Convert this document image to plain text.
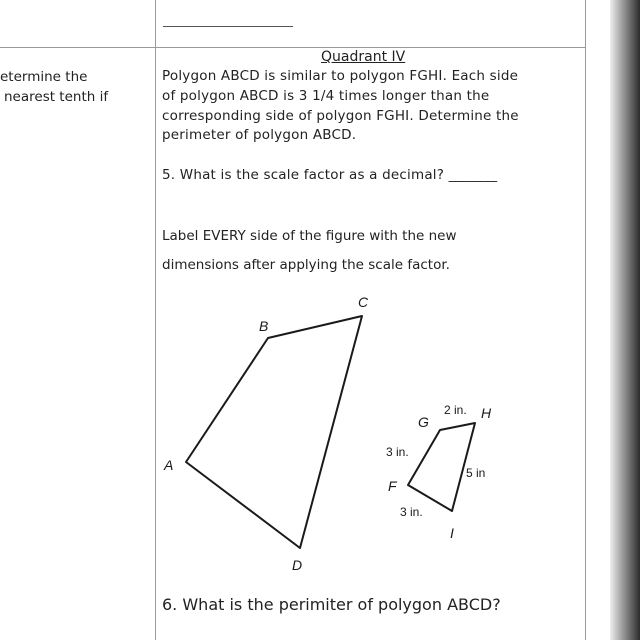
etermine the
nearest tenth if
Quadrant IV
Polygon ABCD is similar to polygon FGHI. Each side
of polygon ABCD is 3 1/4 times longer than the
corresponding side of polygon FGHI. Determine the
perimeter of polygon ABCD.
5. What is the scale factor as a decimal? _______
Label EVERY side of the figure with the new
dimensions after applying the scale factor.
A
B
C
D
F
G
H
I
2 in.
3 in.
5 in
3 in.
6. What is the perimiter of polygon ABCD?
